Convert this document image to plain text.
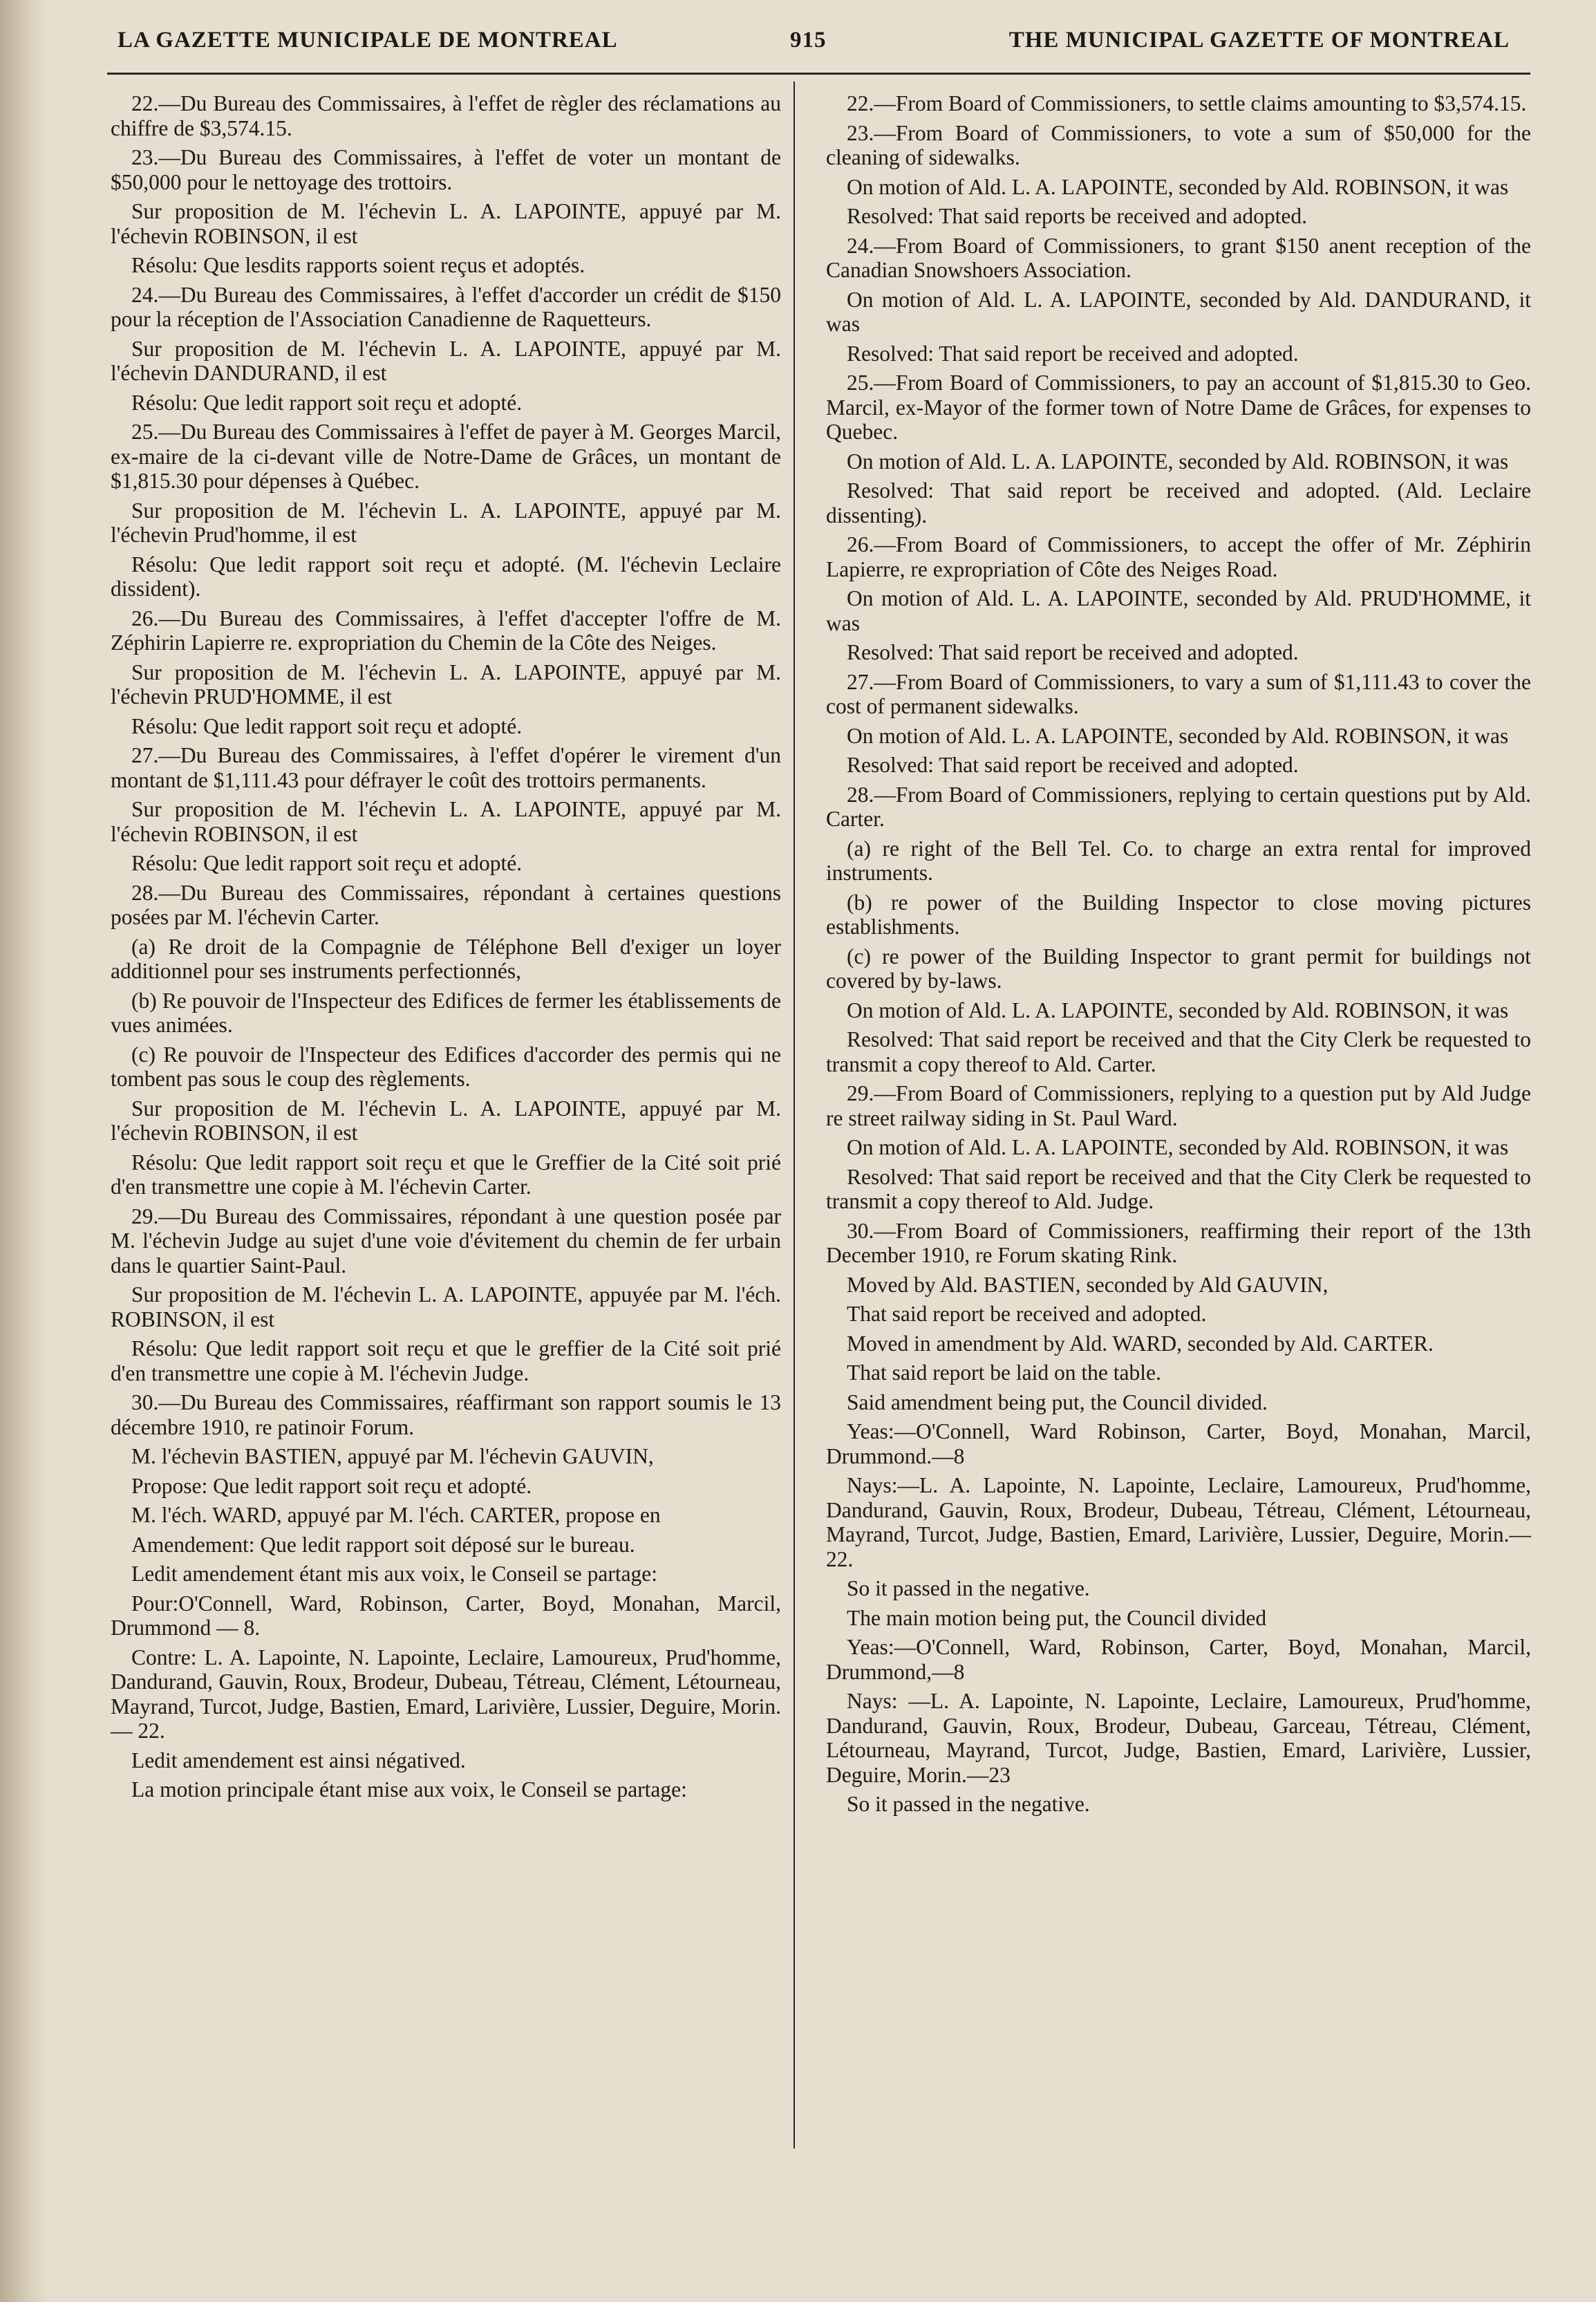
LA GAZETTE MUNICIPALE DE MONTREAL	915	THE MUNICIPAL GAZETTE OF MONTREAL

22.—Du Bureau des Commissaires, à l'effet de règler des réclamations au chiffre de $3,574.15.

23.—Du Bureau des Commissaires, à l'effet de voter un montant de $50,000 pour le nettoyage des trottoirs.

Sur proposition de M. l'échevin L. A. LAPOINTE, appuyé par M. l'échevin ROBINSON, il est

Résolu: Que lesdits rapports soient reçus et adoptés.

24.—Du Bureau des Commissaires, à l'effet d'accorder un crédit de $150 pour la réception de l'Association Canadienne de Raquetteurs.

Sur proposition de M. l'échevin L. A. LAPOINTE, appuyé par M. l'échevin DANDURAND, il est

Résolu: Que ledit rapport soit reçu et adopté.

25.—Du Bureau des Commissaires à l'effet de payer à M. Georges Marcil, ex-maire de la ci-devant ville de Notre-Dame de Grâces, un montant de $1,815.30 pour dépenses à Québec.

Sur proposition de M. l'échevin L. A. LAPOINTE, appuyé par M. l'échevin Prud'homme, il est

Résolu: Que ledit rapport soit reçu et adopté. (M. l'échevin Leclaire dissident).

26.—Du Bureau des Commissaires, à l'effet d'accepter l'offre de M. Zéphirin Lapierre re. expropriation du Chemin de la Côte des Neiges.

Sur proposition de M. l'échevin L. A. LAPOINTE, appuyé par M. l'échevin PRUD'HOMME, il est

Résolu: Que ledit rapport soit reçu et adopté.

27.—Du Bureau des Commissaires, à l'effet d'opérer le virement d'un montant de $1,111.43 pour défrayer le coût des trottoirs permanents.

Sur proposition de M. l'échevin L. A. LAPOINTE, appuyé par M. l'échevin ROBINSON, il est

Résolu: Que ledit rapport soit reçu et adopté.

28.—Du Bureau des Commissaires, répondant à certaines questions posées par M. l'échevin Carter.

(a) Re droit de la Compagnie de Téléphone Bell d'exiger un loyer additionnel pour ses instruments perfectionnés,

(b) Re pouvoir de l'Inspecteur des Edifices de fermer les établissements de vues animées.

(c) Re pouvoir de l'Inspecteur des Edifices d'accorder des permis qui ne tombent pas sous le coup des règlements.

Sur proposition de M. l'échevin L. A. LAPOINTE, appuyé par M. l'échevin ROBINSON, il est

Résolu: Que ledit rapport soit reçu et que le Greffier de la Cité soit prié d'en transmettre une copie à M. l'échevin Carter.

29.—Du Bureau des Commissaires, répondant à une question posée par M. l'échevin Judge au sujet d'une voie d'évitement du chemin de fer urbain dans le quartier Saint-Paul.

Sur proposition de M. l'échevin L. A. LAPOINTE, appuyée par M. l'éch. ROBINSON, il est

Résolu: Que ledit rapport soit reçu et que le greffier de la Cité soit prié d'en transmettre une copie à M. l'échevin Judge.

30.—Du Bureau des Commissaires, réaffirmant son rapport soumis le 13 décembre 1910, re patinoir Forum.

M. l'échevin BASTIEN, appuyé par M. l'échevin GAUVIN,

Propose: Que ledit rapport soit reçu et adopté.

M. l'éch. WARD, appuyé par M. l'éch. CARTER, propose en

Amendement: Que ledit rapport soit déposé sur le bureau.

Ledit amendement étant mis aux voix, le Conseil se partage:

Pour:O'Connell, Ward, Robinson, Carter, Boyd, Monahan, Marcil, Drummond — 8.

Contre: L. A. Lapointe, N. Lapointe, Leclaire, Lamoureux, Prud'homme, Dandurand, Gauvin, Roux, Brodeur, Dubeau, Tétreau, Clément, Létourneau, Mayrand, Turcot, Judge, Bastien, Emard, Larivière, Lussier, Deguire, Morin. — 22.

Ledit amendement est ainsi négatived.

La motion principale étant mise aux voix, le Conseil se partage:

22.—From Board of Commissioners, to settle claims amounting to $3,574.15.

23.—From Board of Commissioners, to vote a sum of $50,000 for the cleaning of sidewalks.

On motion of Ald. L. A. LAPOINTE, seconded by Ald. ROBINSON, it was

Resolved: That said reports be received and adopted.

24.—From Board of Commissioners, to grant $150 anent reception of the Canadian Snowshoers Association.

On motion of Ald. L. A. LAPOINTE, seconded by Ald. DANDURAND, it was

Resolved: That said report be received and adopted.

25.—From Board of Commissioners, to pay an account of $1,815.30 to Geo. Marcil, ex-Mayor of the former town of Notre Dame de Grâces, for expenses to Quebec.

On motion of Ald. L. A. LAPOINTE, seconded by Ald. ROBINSON, it was

Resolved: That said report be received and adopted. (Ald. Leclaire dissenting).

26.—From Board of Commissioners, to accept the offer of Mr. Zéphirin Lapierre, re expropriation of Côte des Neiges Road.

On motion of Ald. L. A. LAPOINTE, seconded by Ald. PRUD'HOMME, it was

Resolved: That said report be received and adopted.

27.—From Board of Commissioners, to vary a sum of $1,111.43 to cover the cost of permanent sidewalks.

On motion of Ald. L. A. LAPOINTE, seconded by Ald. ROBINSON, it was

Resolved: That said report be received and adopted.

28.—From Board of Commissioners, replying to certain questions put by Ald. Carter.

(a) re right of the Bell Tel. Co. to charge an extra rental for improved instruments.

(b) re power of the Building Inspector to close moving pictures establishments.

(c) re power of the Building Inspector to grant permit for buildings not covered by by-laws.

On motion of Ald. L. A. LAPOINTE, seconded by Ald. ROBINSON, it was

Resolved: That said report be received and that the City Clerk be requested to transmit a copy thereof to Ald. Carter.

29.—From Board of Commissioners, replying to a question put by Ald Judge re street railway siding in St. Paul Ward.

On motion of Ald. L. A. LAPOINTE, seconded by Ald. ROBINSON, it was

Resolved: That said report be received and that the City Clerk be requested to transmit a copy thereof to Ald. Judge.

30.—From Board of Commissioners, reaffirming their report of the 13th December 1910, re Forum skating Rink.

Moved by Ald. BASTIEN, seconded by Ald GAUVIN,

That said report be received and adopted.

Moved in amendment by Ald. WARD, seconded by Ald. CARTER.

That said report be laid on the table.

Said amendment being put, the Council divided.

Yeas:—O'Connell, Ward Robinson, Carter, Boyd, Monahan, Marcil, Drummond.—8

Nays:—L. A. Lapointe, N. Lapointe, Leclaire, Lamoureux, Prud'homme, Dandurand, Gauvin, Roux, Brodeur, Dubeau, Tétreau, Clément, Létourneau, Mayrand, Turcot, Judge, Bastien, Emard, Larivière, Lussier, Deguire, Morin.—22.

So it passed in the negative.

The main motion being put, the Council divided

Yeas:—O'Connell, Ward, Robinson, Carter, Boyd, Monahan, Marcil, Drummond,—8

Nays: —L. A. Lapointe, N. Lapointe, Leclaire, Lamoureux, Prud'homme, Dandurand, Gauvin, Roux, Brodeur, Dubeau, Garceau, Tétreau, Clément, Létourneau, Mayrand, Turcot, Judge, Bastien, Emard, Larivière, Lussier, Deguire, Morin.—23

So it passed in the negative.
